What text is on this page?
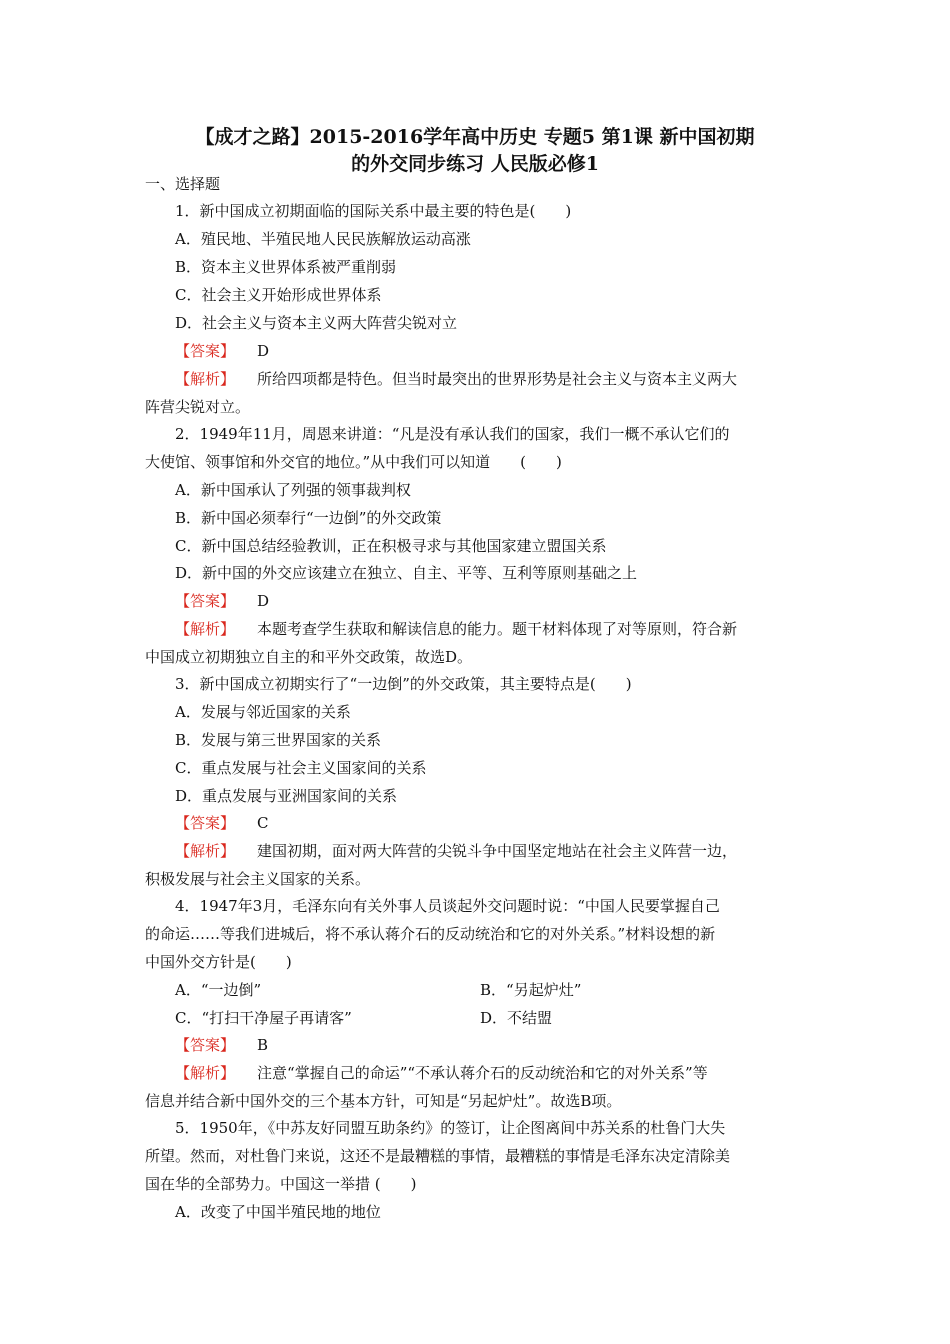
【成才之路】2015-2016学年高中历史 专题5 第1课 新中国初期
的外交同步练习 人民版必修1
一、选择题
1．新中国成立初期面临的国际关系中最主要的特色是(　　)
A．殖民地、半殖民地人民民族解放运动高涨
B．资本主义世界体系被严重削弱
C．社会主义开始形成世界体系
D．社会主义与资本主义两大阵营尖锐对立
【 答案 】 D
【 解析 】 所给四项都是特色。但当时最突出的世界形势是社会主义与资本主义两大
阵营尖锐对立。
2．1949年11月，周恩来讲道：“凡是没有承认我们的国家，我们一概不承认它们的
大使馆、领事馆和外交官的地位。”从中我们可以知道　　(　　)
A．新中国承认了列强的领事裁判权
B．新中国必须奉行“一边倒”的外交政策
C．新中国总结经验教训，正在积极寻求与其他国家建立盟国关系
D．新中国的外交应该建立在独立、自主、平等、互利等原则基础之上
【 答案 】 D
【 解析 】 本题考查学生获取和解读信息的能力。题干材料体现了对等原则，符合新
中国成立初期独立自主的和平外交政策，故选D。
3．新中国成立初期实行了“一边倒”的外交政策，其主要特点是(　　)
A．发展与邻近国家的关系
B．发展与第三世界国家的关系
C．重点发展与社会主义国家间的关系
D．重点发展与亚洲国家间的关系
【 答案 】 C
【 解析 】 建国初期，面对两大阵营的尖锐斗争中国坚定地站在社会主义阵营一边，
积极发展与社会主义国家的关系。
4．1947年3月，毛泽东向有关外事人员谈起外交问题时说：“中国人民要掌握自己
的命运……等我们进城后，将不承认蒋介石的反动统治和它的对外关系。”材料设想的新
中国外交方针是(　　)
A．“一边倒”	B．“另起炉灶”
C．“打扫干净屋子再请客”	D．不结盟
【 答案 】 B
【 解析 】 注意“掌握自己的命运”“不承认蒋介石的反动统治和它的对外关系”等
信息并结合新中国外交的三个基本方针，可知是“另起炉灶”。故选B项。
5．1950年，《中苏友好同盟互助条约》的签订，让企图离间中苏关系的杜鲁门大失
所望。然而，对杜鲁门来说，这还不是最糟糕的事情，最糟糕的事情是毛泽东决定清除美
国在华的全部势力。中国这一举措 (　　)
A．改变了中国半殖民地的地位
